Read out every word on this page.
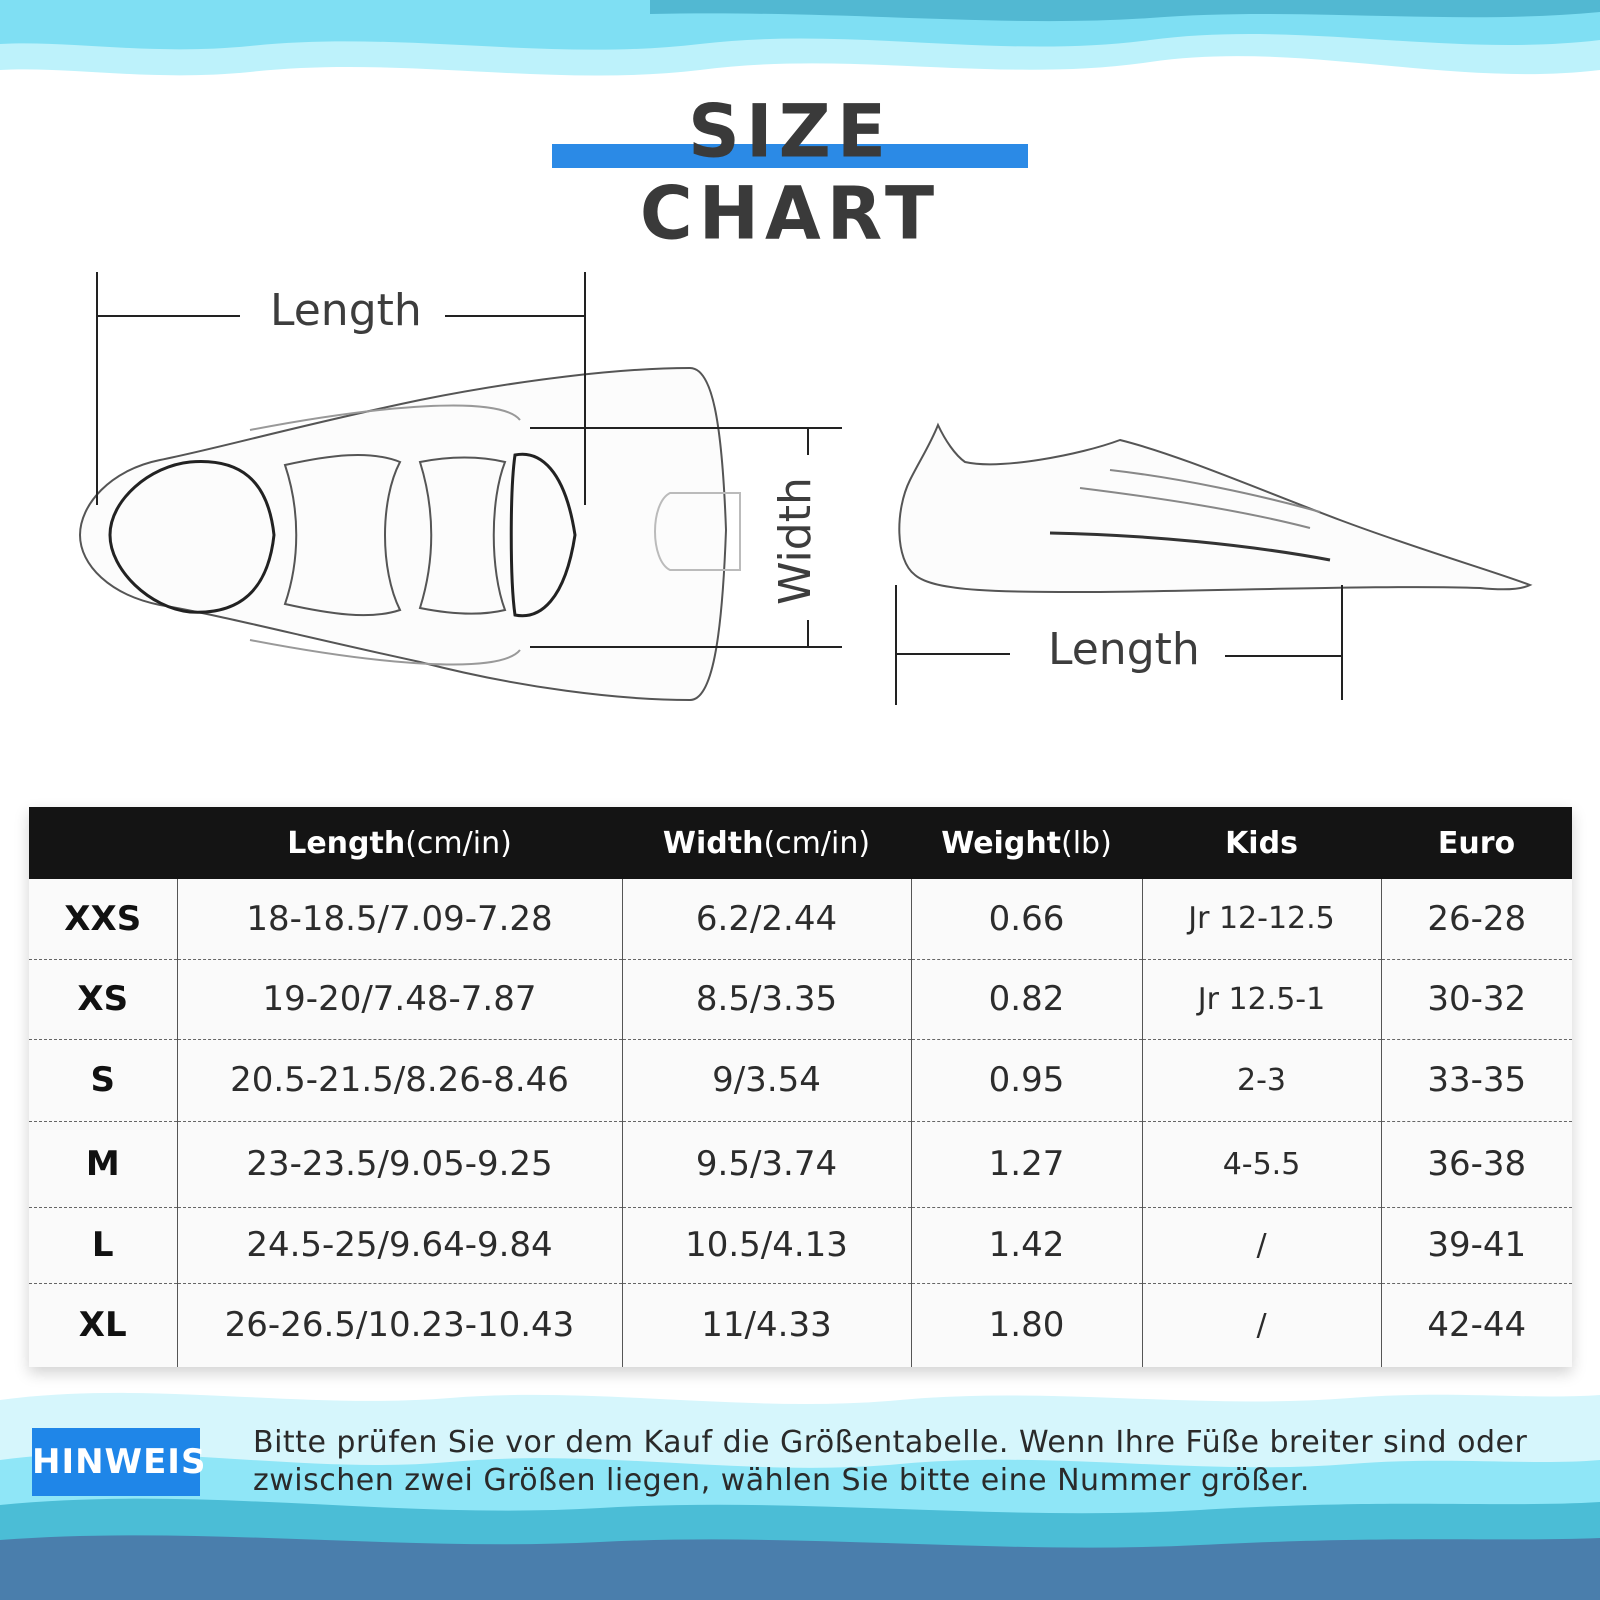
SIZE CHART
Length
Width
Length
	Length(cm/in)	Width(cm/in)	Weight(lb)	Kids	Euro
XXS	18-18.5/7.09-7.28	6.2/2.44	0.66	Jr 12-12.5	26-28
XS	19-20/7.48-7.87	8.5/3.35	0.82	Jr 12.5-1	30-32
S	20.5-21.5/8.26-8.46	9/3.54	0.95	2-3	33-35
M	23-23.5/9.05-9.25	9.5/3.74	1.27	4-5.5	36-38
L	24.5-25/9.64-9.84	10.5/4.13	1.42	/	39-41
XL	26-26.5/10.23-10.43	11/4.33	1.80	/	42-44
HINWEIS Bitte prüfen Sie vor dem Kauf die Größentabelle. Wenn Ihre Füße breiter sind oder zwischen zwei Größen liegen, wählen Sie bitte eine Nummer größer.
